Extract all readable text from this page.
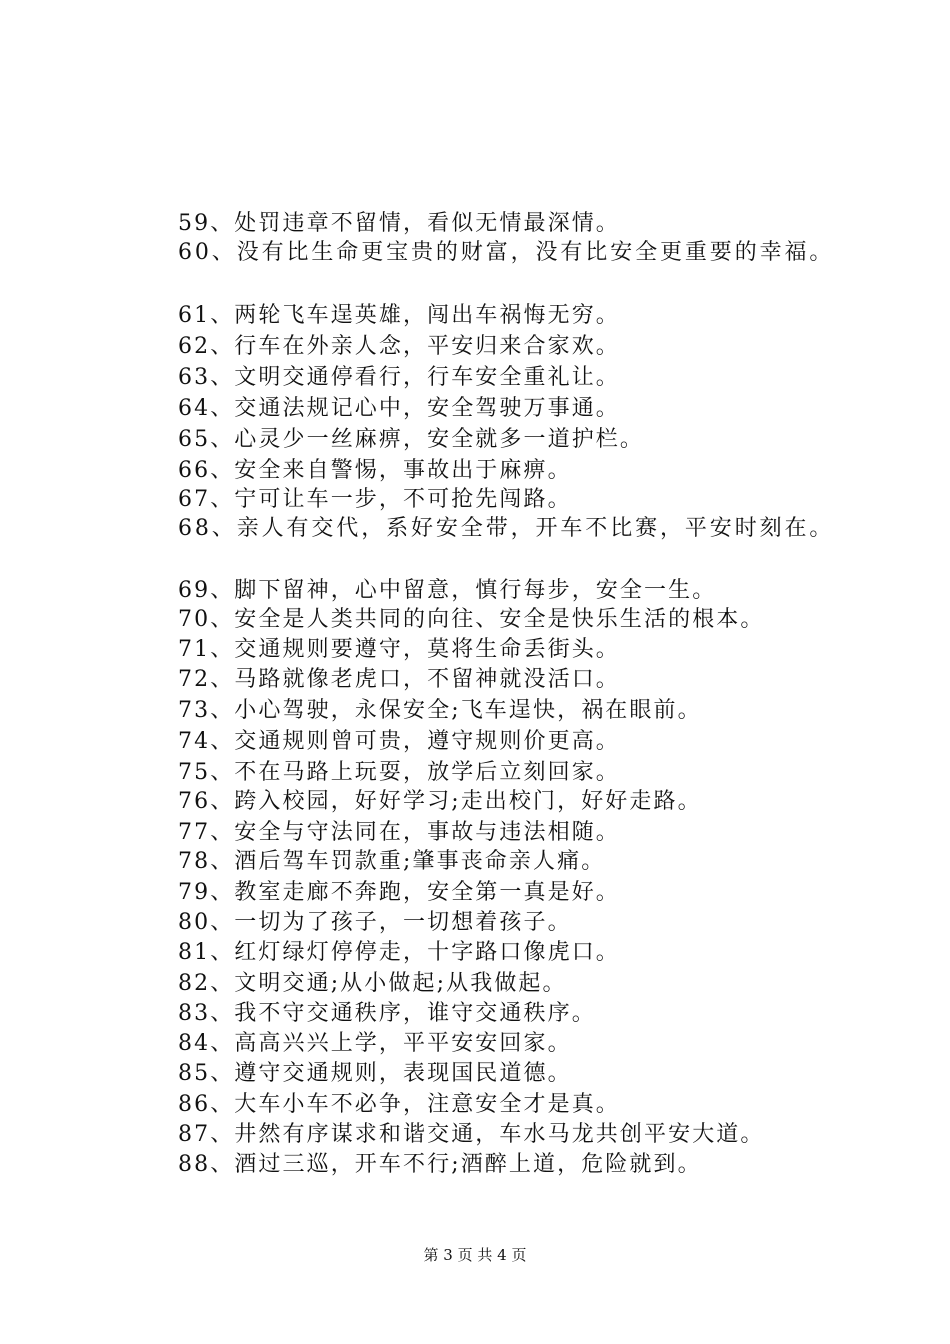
59、处罚违章不留情，看似无情最深情。
60、没有比生命更宝贵的财富，没有比安全更重要的幸福。
61、两轮飞车逞英雄，闯出车祸悔无穷。
62、行车在外亲人念，平安归来合家欢。
63、文明交通停看行，行车安全重礼让。
64、交通法规记心中，安全驾驶万事通。
65、心灵少一丝麻痹，安全就多一道护栏。
66、安全来自警惕，事故出于麻痹。
67、宁可让车一步，不可抢先闯路。
68、亲人有交代，系好安全带，开车不比赛，平安时刻在。
69、脚下留神，心中留意，慎行每步，安全一生。
70、安全是人类共同的向往、安全是快乐生活的根本。
71、交通规则要遵守，莫将生命丢街头。
72、马路就像老虎口，不留神就没活口。
73、小心驾驶，永保安全;飞车逞快，祸在眼前。
74、交通规则曾可贵，遵守规则价更高。
75、不在马路上玩耍，放学后立刻回家。
76、跨入校园，好好学习;走出校门，好好走路。
77、安全与守法同在，事故与违法相随。
78、酒后驾车罚款重;肇事丧命亲人痛。
79、教室走廊不奔跑，安全第一真是好。
80、一切为了孩子，一切想着孩子。
81、红灯绿灯停停走，十字路口像虎口。
82、文明交通;从小做起;从我做起。
83、我不守交通秩序，谁守交通秩序。
84、高高兴兴上学，平平安安回家。
85、遵守交通规则，表现国民道德。
86、大车小车不必争，注意安全才是真。
87、井然有序谋求和谐交通，车水马龙共创平安大道。
88、酒过三巡，开车不行;酒醉上道，危险就到。
第 3 页 共 4 页
